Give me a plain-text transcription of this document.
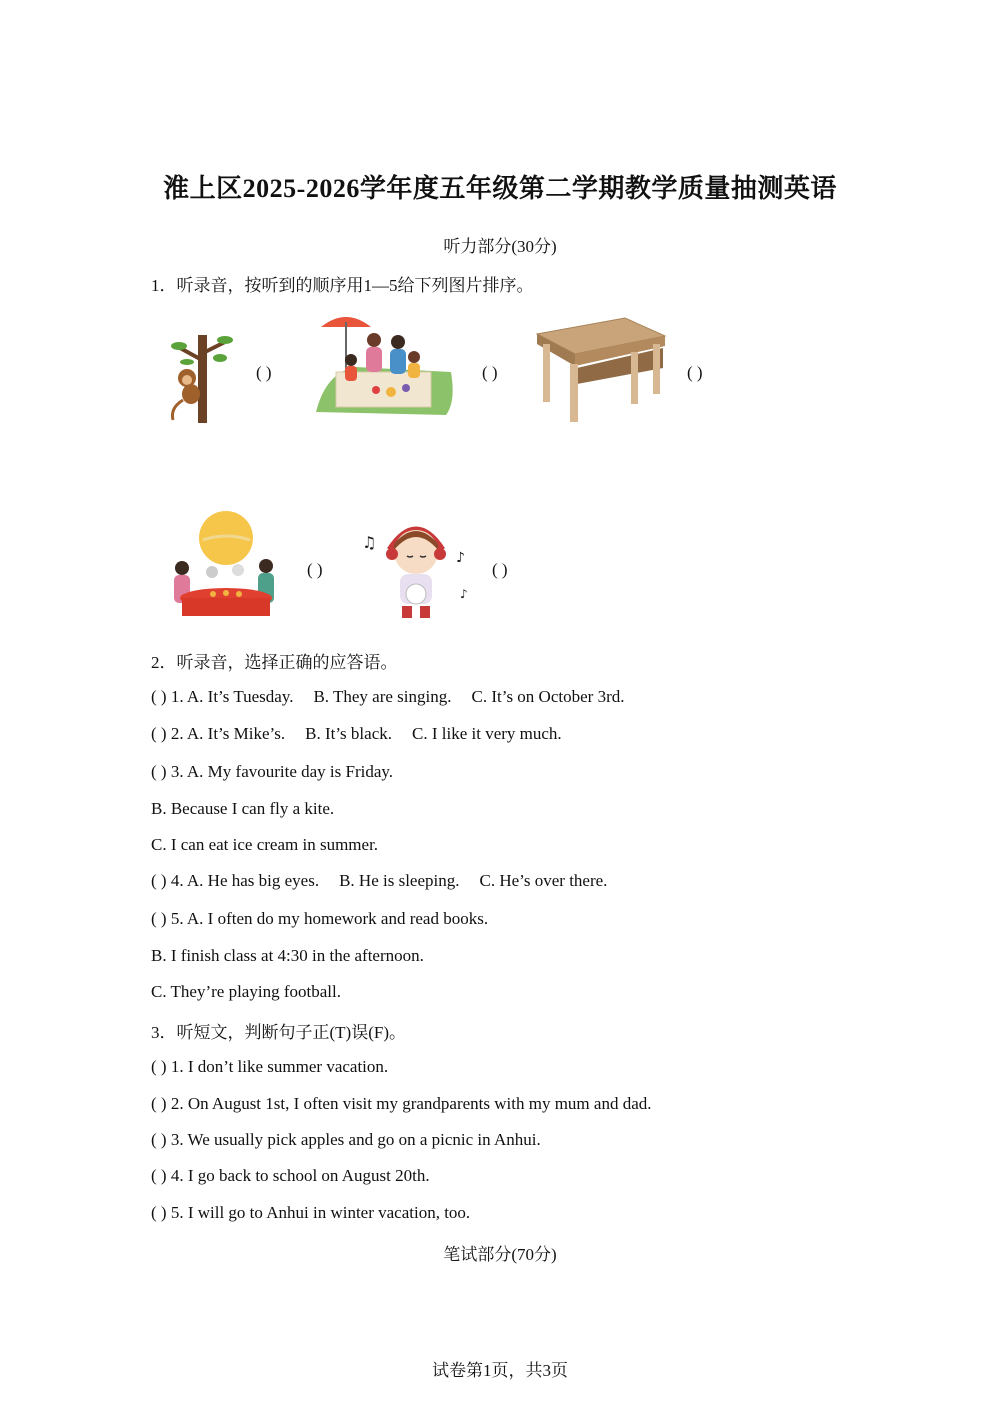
淮上区2025-2026学年度五年级第二学期教学质量抽测英语
听力部分(30分)
1．听录音，按听到的顺序用1—5给下列图片排序。
( )	( )	( )
( )
♫
♪
♪
( )
2．听录音，选择正确的应答语。
( ) 1. A. It’s Tuesday. B. They are singing. C. It’s on October 3rd.
( ) 2. A. It’s Mike’s. B. It’s black. C. I like it very much.
( ) 3. A. My favourite day is Friday.
B. Because I can fly a kite.
C. I can eat ice cream in summer.
( ) 4. A. He has big eyes. B. He is sleeping. C. He’s over there.
( ) 5. A. I often do my homework and read books.
B. I finish class at 4:30 in the afternoon.
C. They’re playing football.
3．听短文，判断句子正(T)误(F)。
( ) 1. I don’t like summer vacation.
( ) 2. On August 1st, I often visit my grandparents with my mum and dad.
( ) 3. We usually pick apples and go on a picnic in Anhui.
( ) 4. I go back to school on August 20th.
( ) 5. I will go to Anhui in winter vacation, too.
笔试部分(70分)
试卷第1页，共3页
